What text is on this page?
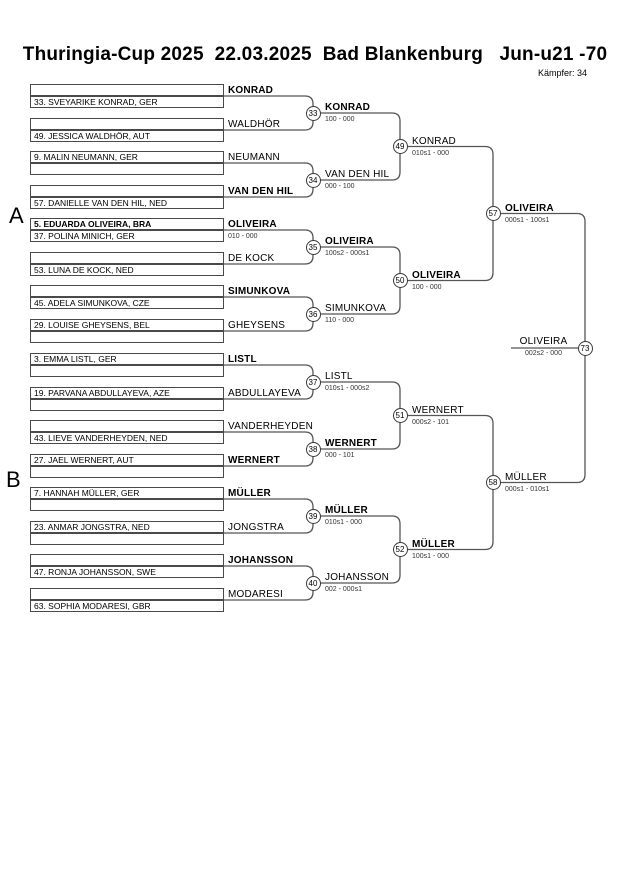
Thuringia-Cup 2025  22.03.2025  Bad Blankenburg   Jun-u21 -70
Kämpfer: 34
A
B
33. SVEYARIKE KONRAD, GER
KONRAD
49. JESSICA WALDHÖR, AUT
WALDHÖR
9. MALIN NEUMANN, GER	NEUMANN
57. DANIELLE VAN DEN HIL, NED
VAN DEN HIL
5. EDUARDA OLIVEIRA, BRA
37. POLINA MINICH, GER
OLIVEIRA
010 - 000
53. LUNA DE KOCK, NED
DE KOCK
45. ADELA SIMUNKOVA, CZE
SIMUNKOVA
29. LOUISE GHEYSENS, BEL	GHEYSENS
3. EMMA LISTL, GER	LISTL
19. PARVANA ABDULLAYEVA, AZE	ABDULLAYEVA
43. LIEVE VANDERHEYDEN, NED
VANDERHEYDEN
27. JAEL WERNERT, AUT	WERNERT
7. HANNAH MÜLLER, GER	MÜLLER
23. ANMAR JONGSTRA, NED	JONGSTRA
47. RONJA JOHANSSON, SWE
JOHANSSON
63. SOPHIA MODARESI, GBR
MODARESI
33 KONRAD
100 - 000
34 VAN DEN HIL
000 - 100
35 OLIVEIRA
100s2 - 000s1
36 SIMUNKOVA
110 - 000
37 LISTL
010s1 - 000s2
38 WERNERT
000 - 101
39 MÜLLER
010s1 - 000
40 JOHANSSON
002 - 000s1
49 KONRAD
010s1 - 000
50 OLIVEIRA
100 - 000
51 WERNERT
000s2 - 101
52 MÜLLER
100s1 - 000
57 OLIVEIRA
000s1 - 100s1
58 MÜLLER
000s1 - 010s1
73
OLIVEIRA
002s2 - 000
